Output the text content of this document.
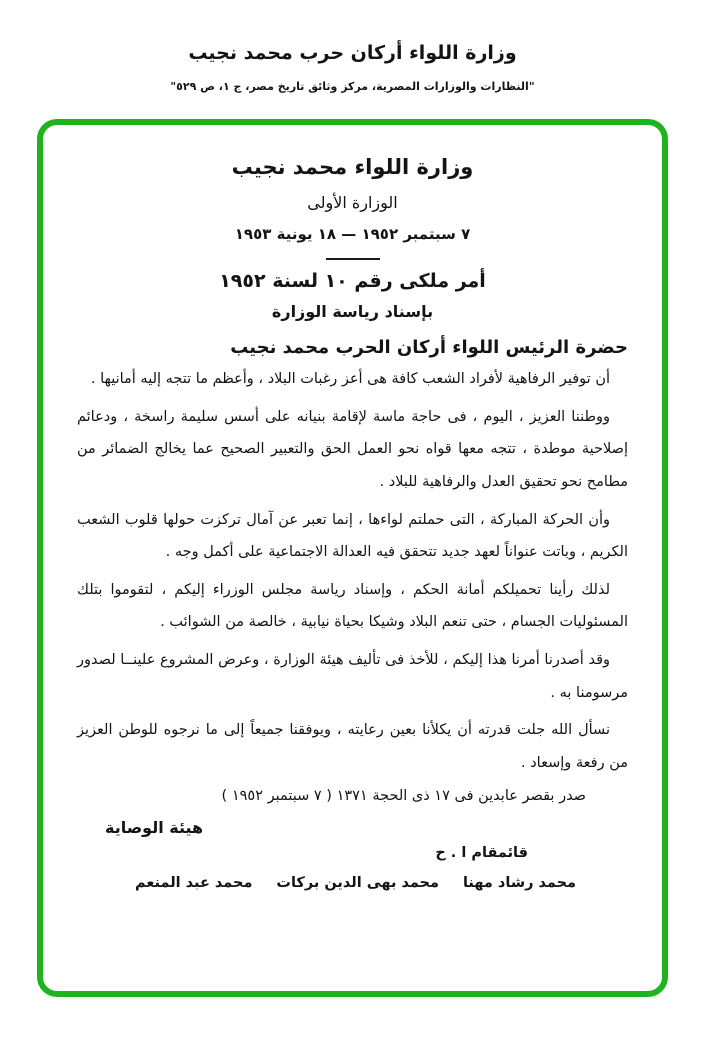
وزارة اللواء أركان حرب محمد نجيب
"النظارات والوزارات المصرية، مركز وثائق تاريخ مصر، ج ١، ص ٥٢٩"
وزارة اللواء محمد نجيب
الوزارة الأولى
٧ سبتمبر ١٩٥٢ — ١٨ يونية ١٩٥٣
أمر ملكى رقم ١٠ لسنة ١٩٥٢
بإسناد رياسة الوزارة
حضرة الرئيس اللواء أركان الحرب محمد نجيب

أن توفير الرفاهية لأفراد الشعب كافة هى أعز رغبات البلاد ، وأعظم ما تتجه إليه أمانيها .

ووطننا العزيز ، اليوم ، فى حاجة ماسة لإقامة بنيانه على أسس سليمة راسخة ، ودعائم إصلاحية موطدة ، تتجه معها قواه نحو العمل الحق والتعبير الصحيح عما يخالج الضمائر من مطامح نحو تحقيق العدل والرفاهية للبلاد .

وأن الحركة المباركة ، التى حملتم لواءها ، إنما تعبر عن آمال تركزت حولها قلوب الشعب الكريم ، وباتت عنواناً لعهد جديد تتحقق فيه العدالة الاجتماعية على أكمل وجه .

لذلك رأينا تحميلكم أمانة الحكم ، وإسناد رياسة مجلس الوزراء إليكم ، لتقوموا بتلك المسئوليات الجسام ، حتى تنعم البلاد وشيكا بحياة نيابية ، خالصة من الشوائب .

وقد أصدرنا أمرنا هذا إليكم ، للأخذ فى تأليف هيئة الوزارة ، وعرض المشروع علينــا لصدور مرسومنا به .

نسأل الله جلت قدرته أن يكلأنا بعين رعايته ، ويوفقنا جميعاً إلى ما نرجوه للوطن العزيز من رفعة وإسعاد .

صدر بقصر عابدين فى ١٧ ذى الحجة ١٣٧١ ( ٧ سبتمبر ١٩٥٢ )
هيئة الوصاية
قائمقام ا . ح
محمد رشاد مهنا
محمد بهى الدين بركات
محمد عبد المنعم
